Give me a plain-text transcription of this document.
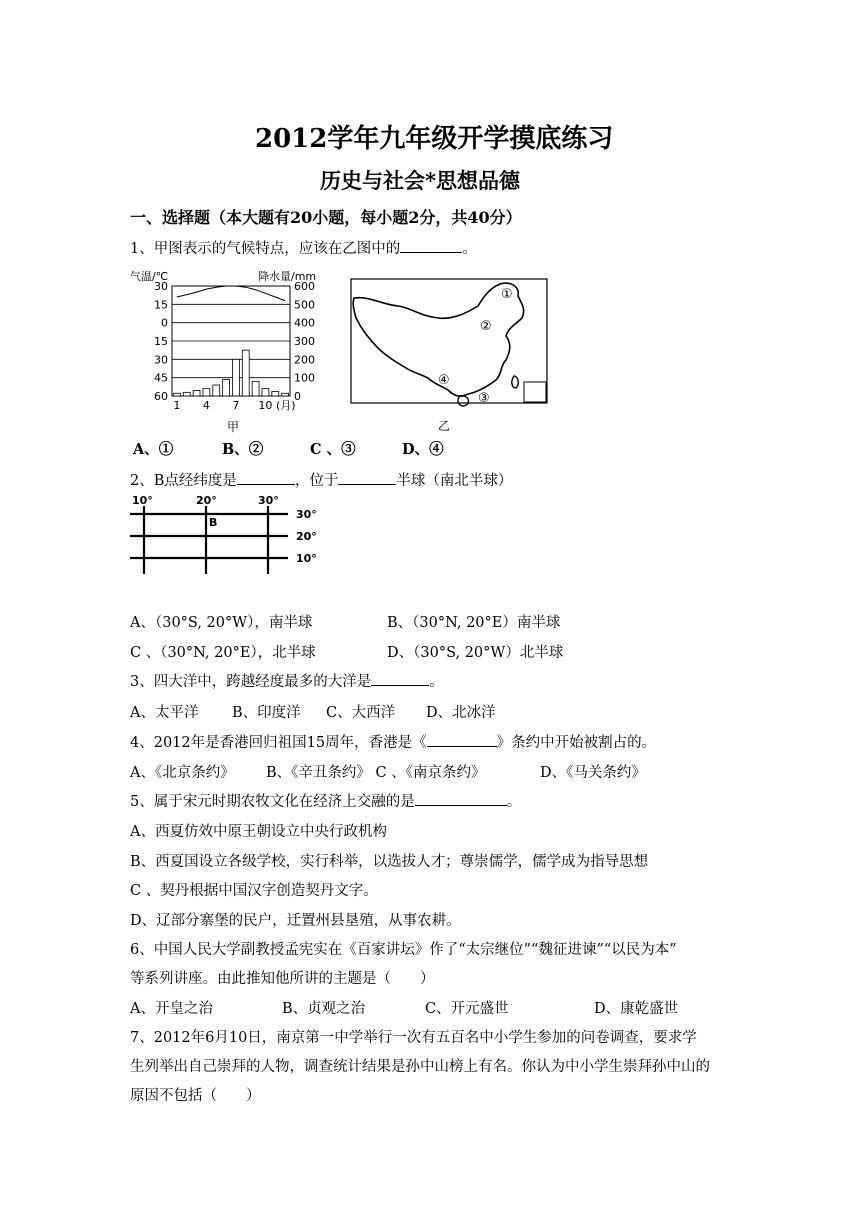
2012学年九年级开学摸底练习
历史与社会*思想品德
一、选择题（本大题有20小题，每小题2分，共40分）
1、甲图表示的气候特点，应该在乙图中的	。
气温/℃	降水量/mm
30
15
0
15
30
45
60
600
500
400
300
200
100
0
1 4 7 10 (月)
甲
①
②
③
④
乙
A、①	B、②	C 、③	D、④
2、B点经纬度是	，位于	半球（南北半球）
10°	20°	30°
30°
20°
10°
B
A、（30°S, 20°W），南半球	B、（30°N, 20°E）南半球
C 、（30°N, 20°E），北半球	D、（30°S, 20°W）北半球
3、四大洋中，跨越经度最多的大洋是	。
A、太平洋 B、印度洋 C、大西洋 D、北冰洋
4、2012年是香港回归祖国15周年，香港是《	》条约中开始被割占的。
A、《北京条约》 B、《辛丑条约》 C 、《南京条约》	D、《马关条约》
5、属于宋元时期农牧文化在经济上交融的是	。
A、西夏仿效中原王朝设立中央行政机构
B、西夏国设立各级学校，实行科举，以选拔人才；尊崇儒学，儒学成为指导思想
C 、契丹根据中国汉字创造契丹文字。
D、辽部分寨堡的民户，迁置州县垦殖，从事农耕。
6、中国人民大学副教授孟宪实在《百家讲坛》作了“太宗继位”“魏征进谏”“以民为本”
等系列讲座。由此推知他所讲的主题是（　　）
A、开皇之治	B、贞观之治	C、开元盛世	D、康乾盛世
7、2012年6月10日，南京第一中学举行一次有五百名中小学生参加的问卷调查，要求学
生列举出自己崇拜的人物，调查统计结果是孙中山榜上有名。你认为中小学生崇拜孙中山的
原因不包括（　　）
